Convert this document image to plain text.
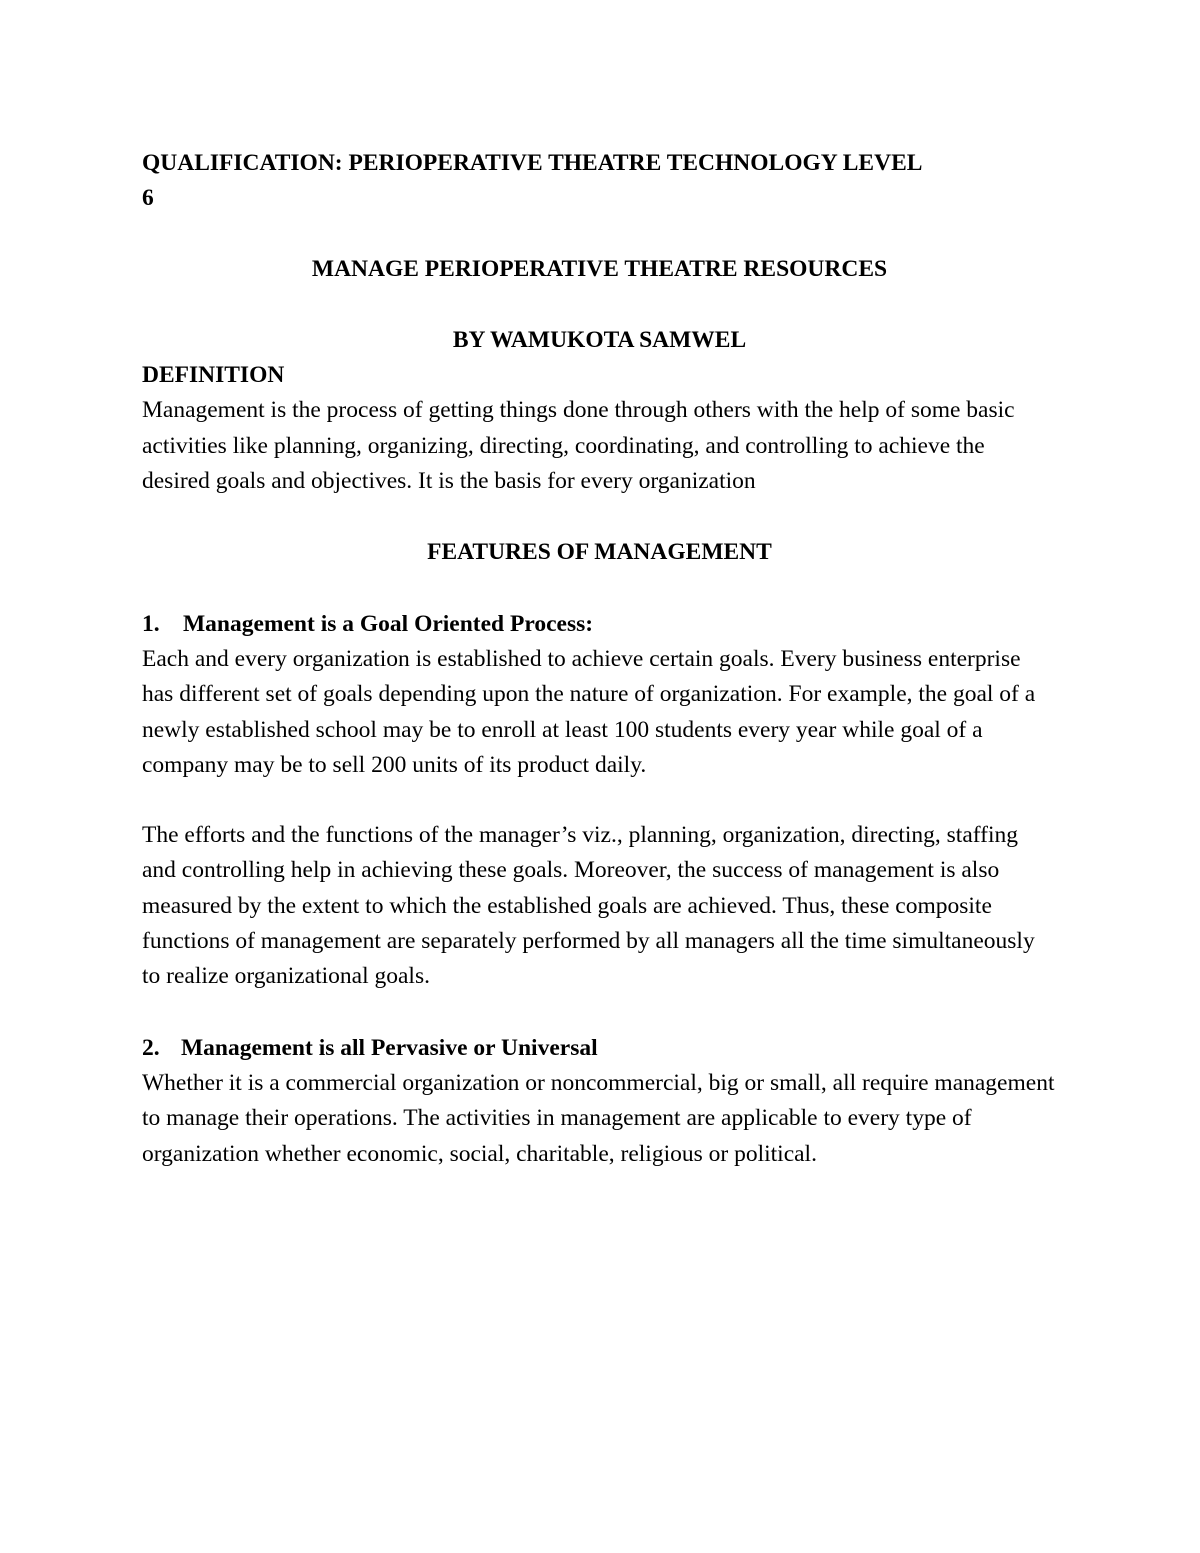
QUALIFICATION: PERIOPERATIVE THEATRE TECHNOLOGY LEVEL
6

MANAGE PERIOPERATIVE THEATRE RESOURCES

BY WAMUKOTA SAMWEL

DEFINITION

Management is the process of getting things done through others with the help of some basic activities like planning, organizing, directing, coordinating, and controlling to achieve the desired goals and objectives. It is the basis for every organization

FEATURES OF MANAGEMENT

1. Management is a Goal Oriented Process:

Each and every organization is established to achieve certain goals. Every business enterprise has different set of goals depending upon the nature of organization. For example, the goal of a newly established school may be to enroll at least 100 students every year while goal of a company may be to sell 200 units of its product daily.

The efforts and the functions of the manager’s viz., planning, organization, directing, staffing and controlling help in achieving these goals. Moreover, the success of management is also measured by the extent to which the established goals are achieved. Thus, these composite functions of management are separately performed by all managers all the time simultaneously to realize organizational goals.

2. Management is all Pervasive or Universal

Whether it is a commercial organization or noncommercial, big or small, all require management to manage their operations. The activities in management are applicable to every type of organization whether economic, social, charitable, religious or political.
